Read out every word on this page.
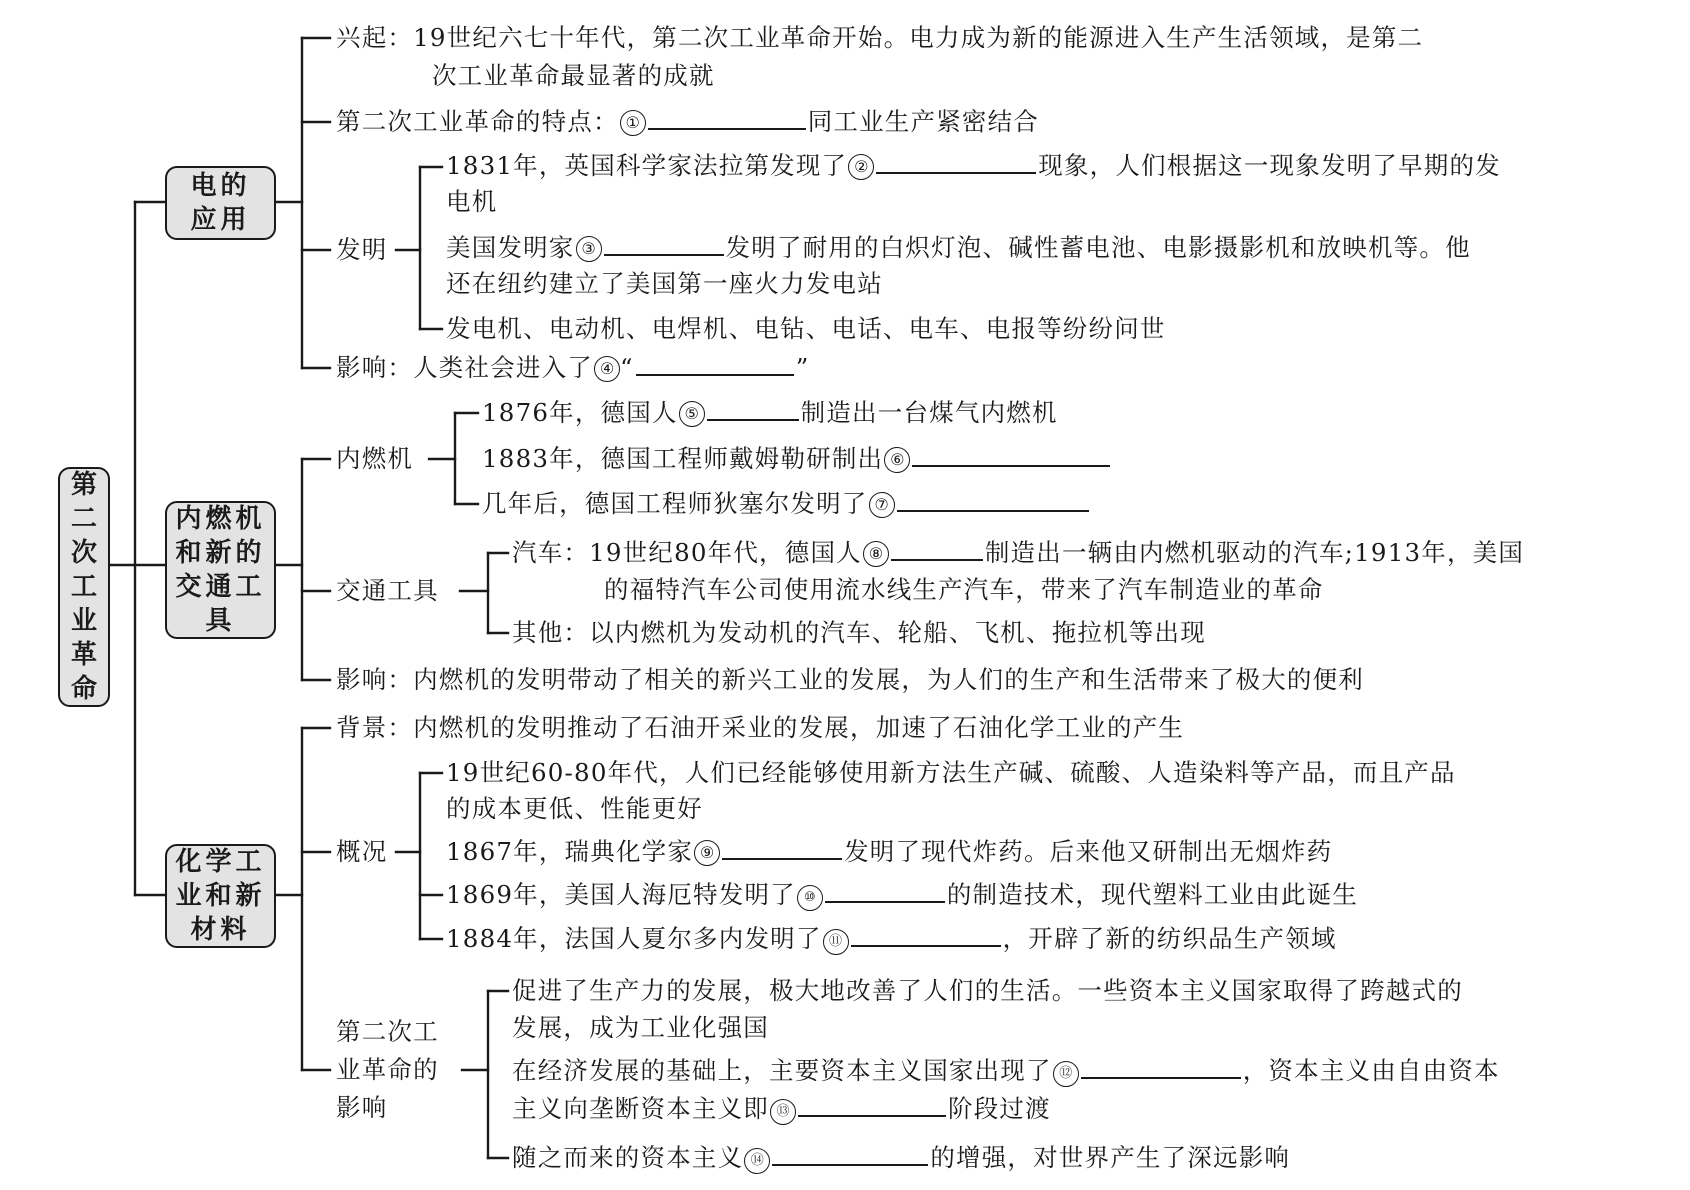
第二次工业革命
电的
应用
内燃机
和新的
交通工
具
化学工
业和新
材料
兴起：19世纪六七十年代，第二次工业革命开始。电力成为新的能源进入生产生活领域，是第二
次工业革命最显著的成就
第二次工业革命的特点： ①	同工业生产紧密结合
发明
1831年，英国科学家法拉第发现了 ②	现象，人们根据这一现象发明了早期的发
电机
美国发明家 ③	发明了耐用的白炽灯泡、碱性蓄电池、电影摄影机和放映机等。他
还在纽约建立了美国第一座火力发电站
发电机、电动机、电焊机、电钻、电话、电车、电报等纷纷问世
影响：人类社会进入了 ④ “	”
内燃机
1876年，德国人 ⑤	制造出一台煤气内燃机
1883年，德国工程师戴姆勒研制出 ⑥
几年后，德国工程师狄塞尔发明了 ⑦
交通工具
汽车：19世纪80年代，德国人 ⑧	制造出一辆由内燃机驱动的汽车;1913年，美国
的福特汽车公司使用流水线生产汽车，带来了汽车制造业的革命
其他：以内燃机为发动机的汽车、轮船、飞机、拖拉机等出现
影响：内燃机的发明带动了相关的新兴工业的发展，为人们的生产和生活带来了极大的便利
背景：内燃机的发明推动了石油开采业的发展，加速了石油化学工业的产生
概况
19世纪60-80年代，人们已经能够使用新方法生产碱、硫酸、人造染料等产品，而且产品
的成本更低、性能更好
1867年，瑞典化学家 ⑨	发明了现代炸药。后来他又研制出无烟炸药
1869年，美国人海厄特发明了 ⑩	的制造技术，现代塑料工业由此诞生
1884年，法国人夏尔多内发明了 ⑪	，开辟了新的纺织品生产领域
第二次工
业革命的
影响
促进了生产力的发展，极大地改善了人们的生活。一些资本主义国家取得了跨越式的
发展，成为工业化强国
在经济发展的基础上，主要资本主义国家出现了 ⑫	，资本主义由自由资本
主义向垄断资本主义即 ⑬	阶段过渡
随之而来的资本主义 ⑭	的增强，对世界产生了深远影响
